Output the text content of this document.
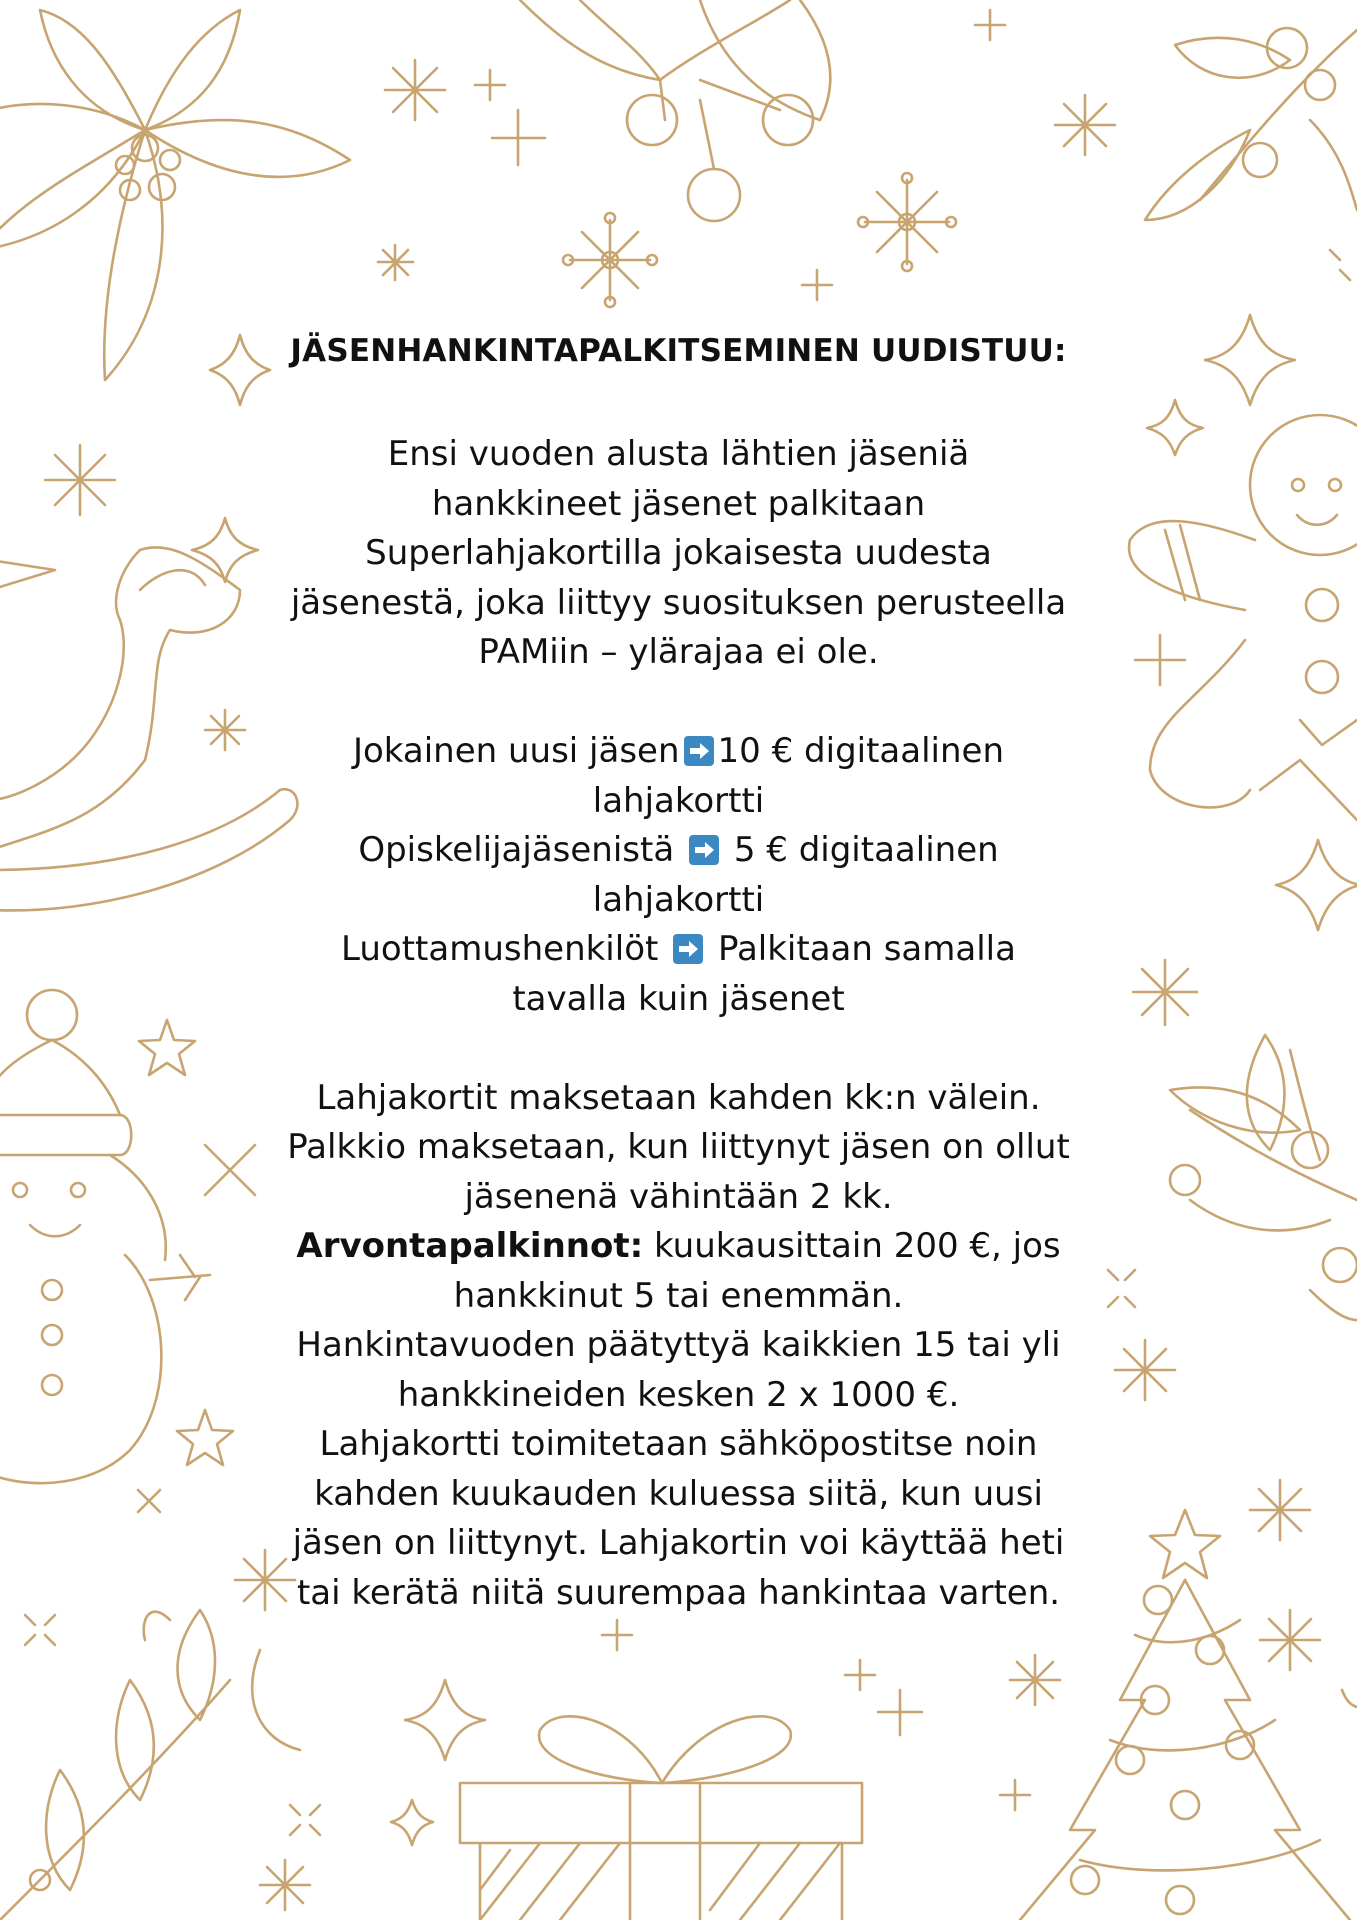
JÄSENHANKINTAPALKITSEMINEN UUDISTUU:

Ensi vuoden alusta lähtien jäseniä
hankkineet jäsenet palkitaan
Superlahjakortilla jokaisesta uudesta
jäsenestä, joka liittyy suosituksen perusteella
PAMiin – ylärajaa ei ole.

Jokainen uusi jäsen 10 € digitaalinen
lahjakortti
Opiskelijajäsenistä 5 € digitaalinen
lahjakortti
Luottamushenkilöt Palkitaan samalla
tavalla kuin jäsenet

Lahjakortit maksetaan kahden kk:n välein.
Palkkio maksetaan, kun liittynyt jäsen on ollut
jäsenenä vähintään 2 kk.
Arvontapalkinnot: kuukausittain 200 €, jos
hankkinut 5 tai enemmän.
Hankintavuoden päätyttyä kaikkien 15 tai yli
hankkineiden kesken 2 x 1000 €.
Lahjakortti toimitetaan sähköpostitse noin
kahden kuukauden kuluessa siitä, kun uusi
jäsen on liittynyt. Lahjakortin voi käyttää heti
tai kerätä niitä suurempaa hankintaa varten.
